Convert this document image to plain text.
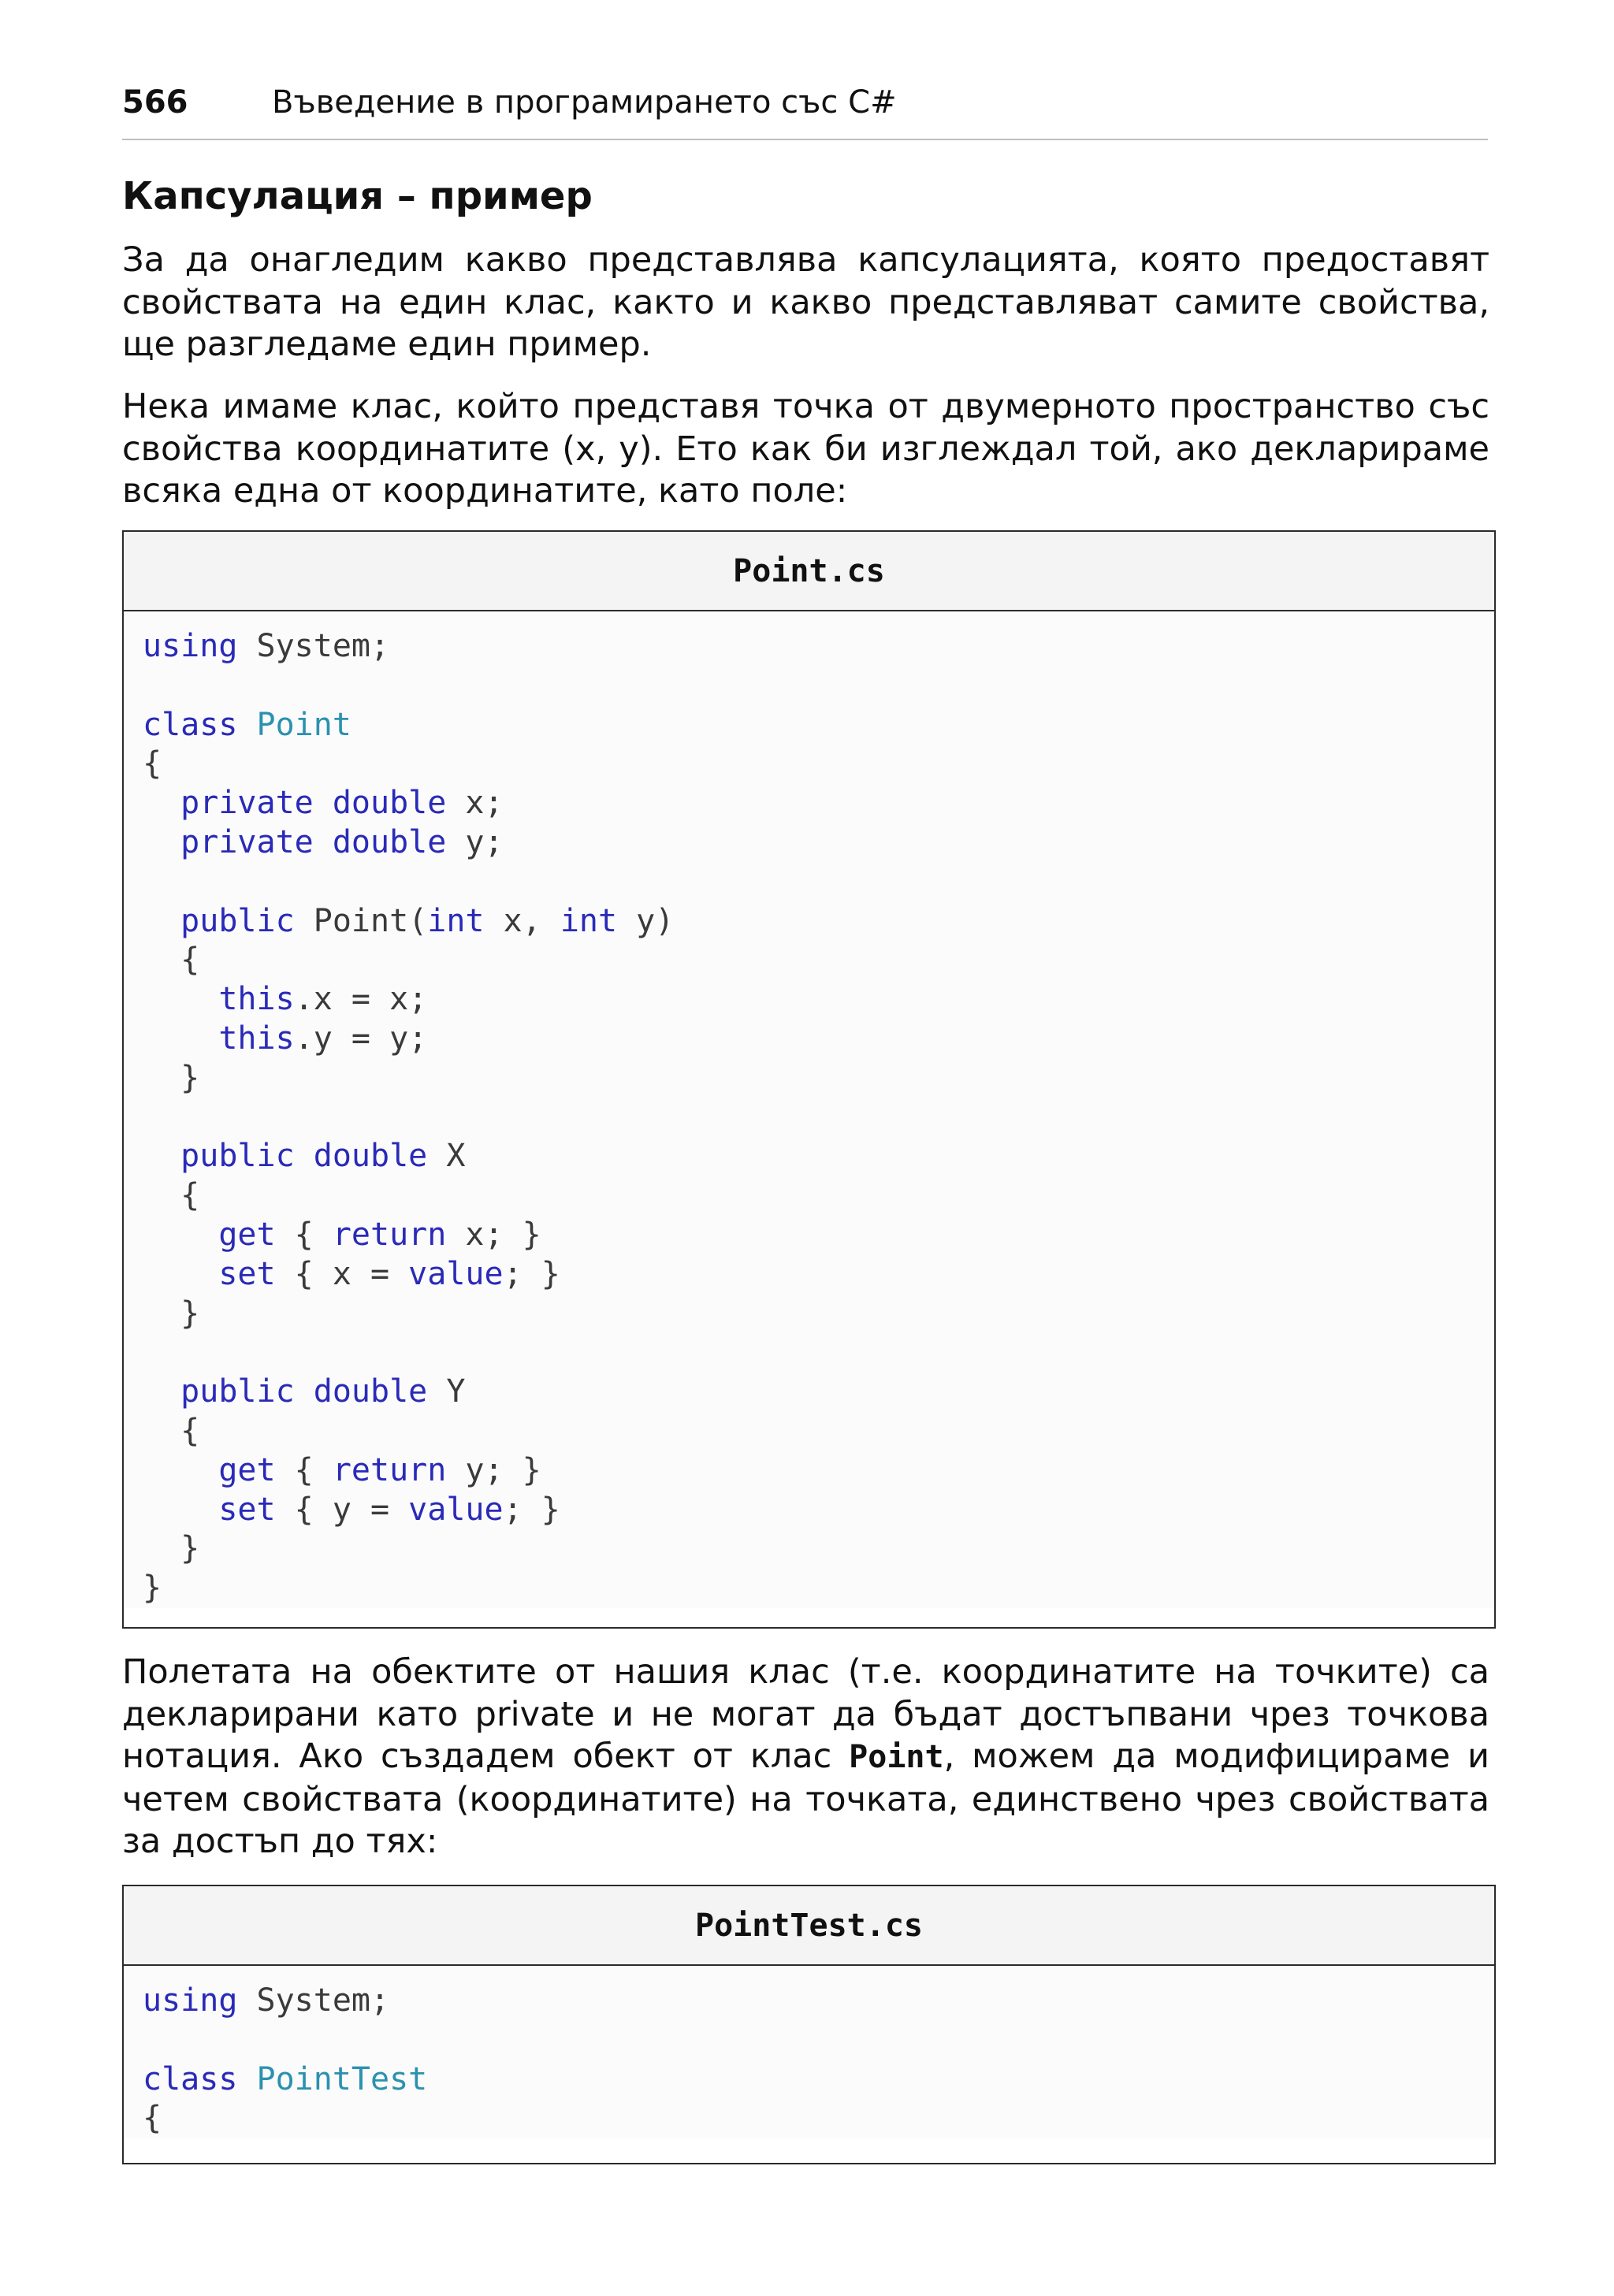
566	Въведение в програмирането със C#
Капсулация – пример

За да онагледим какво представлява капсулацията, която предоставят
свойствата на един клас, както и какво представляват самите свойства,
ще разгледаме един пример.

Нека имаме клас, който представя точка от двумерното пространство със
свойства координатите (x, y). Ето как би изглеждал той, ако декларираме
всяка една от координатите, като поле:

Point.cs
using System;

class Point
{
private double x;
private double y;

public Point(int x, int y)
{
this.x = x;
this.y = y;
}

public double X
{
get { return x; }
set { x = value; }
}

public double Y
{
get { return y; }
set { y = value; }
}
}

Полетата на обектите от нашия клас (т.е. координатите на точките) са
декларирани като private и не могат да бъдат достъпвани чрез точкова
нотация. Ако създадем обект от клас Point, можем да модифицираме и
четем свойствата (координатите) на точката, единствено чрез свойствата
за достъп до тях:

PointTest.cs
using System;

class PointTest
{
